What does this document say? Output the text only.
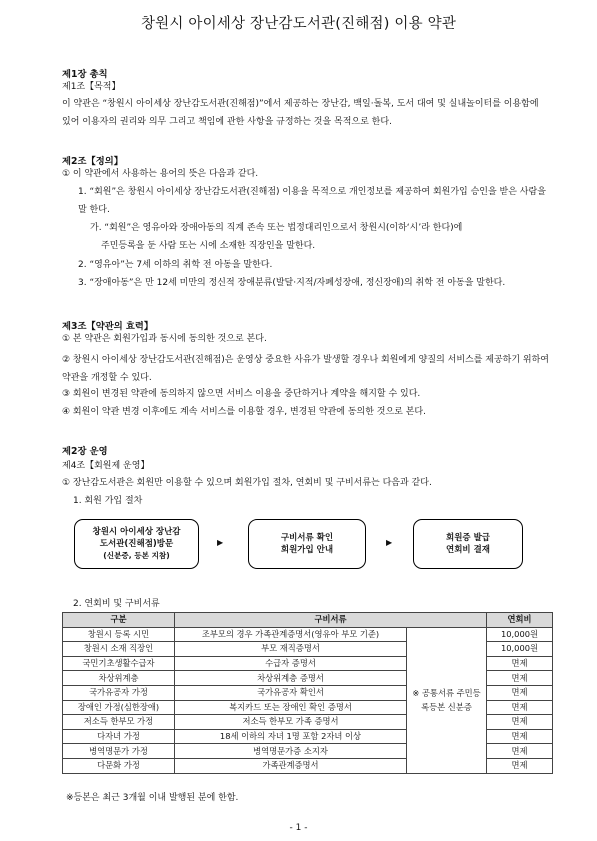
창원시 아이세상 장난감도서관(진해점) 이용 약관
제1장 총칙
제1조【목적】
이 약관은 “창원시 아이세상 장난감도서관(진해점)”에서 제공하는 장난감, 백일·돌복, 도서 대여 및 실내놀이터를 이용함에 있어 이용자의 권리와 의무 그리고 책임에 관한 사항을 규정하는 것을 목적으로 한다.
제2조【정의】
① 이 약관에서 사용하는 용어의 뜻은 다음과 같다.
1. “회원”은 창원시 아이세상 장난감도서관(진해점) 이용을 목적으로 개인정보를 제공하여 회원가입 승인을 받은 사람을 말 한다.
가. “회원”은 영유아와 장애아동의 직계 존속 또는 법정대리인으로서 창원시(이하‘시’라 한다)에
주민등록을 둔 사람 또는 시에 소재한 직장인을 말한다.
2. “영유아”는 7세 이하의 취학 전 아동을 말한다.
3. “장애아동”은 만 12세 미만의 정신적 장애분류(발달·지적/자폐성장애, 정신장애)의 취학 전 아동을 말한다.
제3조【약관의 효력】
① 본 약관은 회원가입과 동시에 동의한 것으로 본다.
② 창원시 아이세상 장난감도서관(진해점)은 운영상 중요한 사유가 발생할 경우나 회원에게 양질의 서비스를 제공하기 위하여 약관을 개정할 수 있다.
③ 회원이 변경된 약관에 동의하지 않으면 서비스 이용을 중단하거나 계약을 해지할 수 있다.
④ 회원이 약관 변경 이후에도 계속 서비스를 이용할 경우, 변경된 약관에 동의한 것으로 본다.
제2장 운영
제4조【회원제 운영】
① 장난감도서관은 회원만 이용할 수 있으며 회원가입 절차, 연회비 및 구비서류는 다음과 같다.
1. 회원 가입 절차
창원시 아이세상 장난감
도서관(진해점)방문
(신분증, 등본 지참)
▶	구비서류 확인
회원가입 안내
▶	회원증 발급
연회비 결재
2. 연회비 및 구비서류
구분	구비서류		연회비
창원시 등록 시민	조부모의 경우 가족관계증명서(영유아 부모 기준)	※ 공통서류 주민등록등본 신분증	10,000원
창원시 소재 직장인	부모 재직증명서		10,000원
국민기초생활수급자	수급자 증명서		면제
차상위계층	차상위계층 증명서		면제
국가유공자 가정	국가유공자 확인서		면제
장애인 가정(심한장애)	복지카드 또는 장애인 확인 증명서		면제
저소득 한부모 가정	저소득 한부모 가족 증명서		면제
다자녀 가정	18세 이하의 자녀 1명 포함 2자녀 이상		면제
병역명문가 가정	병역명문가증 소지자		면제
다문화 가정	가족관계증명서		면제
※등본은 최근 3개월 이내 발행된 분에 한함.
- 1 -
